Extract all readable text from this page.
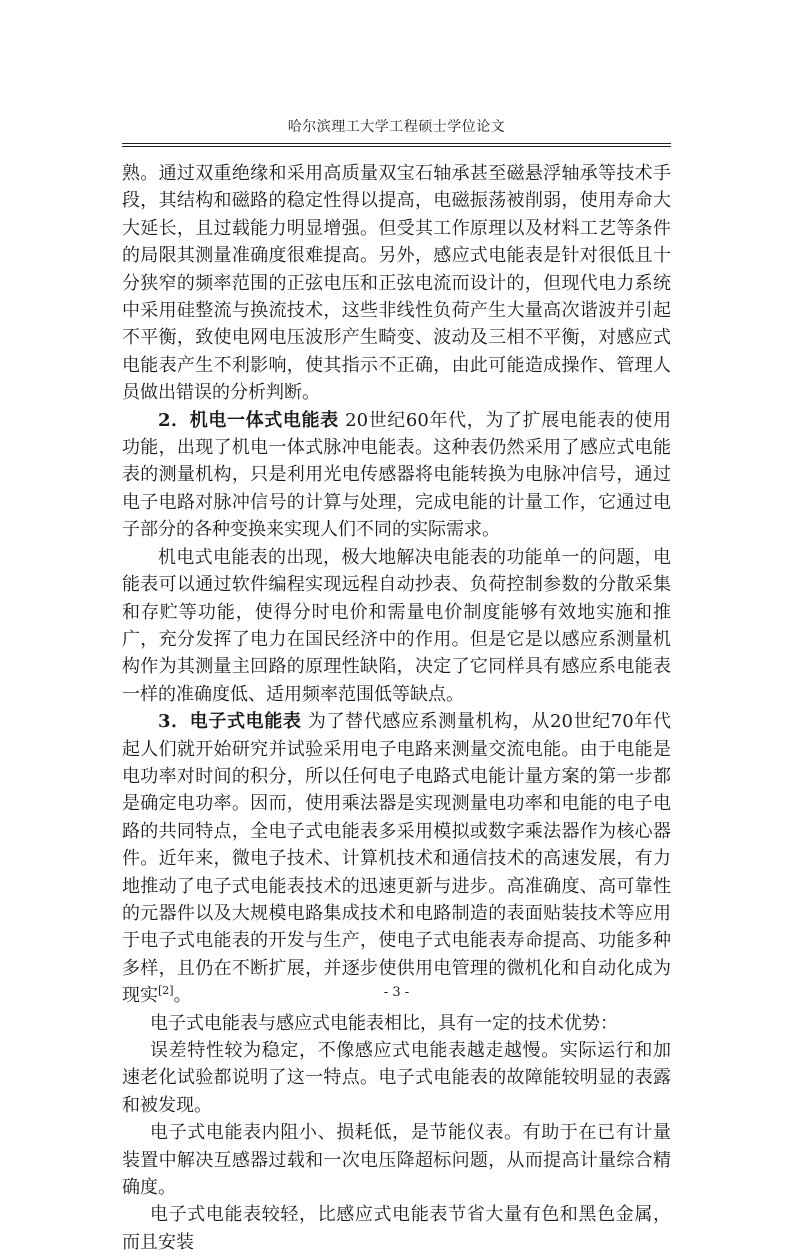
哈尔滨理工大学工程硕士学位论文

熟。通过双重绝缘和采用高质量双宝石轴承甚至磁悬浮轴承等技术手段，其结构和磁路的稳定性得以提高，电磁振荡被削弱，使用寿命大大延长，且过载能力明显增强。但受其工作原理以及材料工艺等条件的局限其测量准确度很难提高。另外，感应式电能表是针对很低且十分狭窄的频率范围的正弦电压和正弦电流而设计的，但现代电力系统中采用硅整流与换流技术，这些非线性负荷产生大量高次谐波并引起不平衡，致使电网电压波形产生畸变、波动及三相不平衡，对感应式电能表产生不利影响，使其指示不正确，由此可能造成操作、管理人员做出错误的分析判断。

2．机电一体式电能表 20世纪60年代，为了扩展电能表的使用功能，出现了机电一体式脉冲电能表。这种表仍然采用了感应式电能表的测量机构，只是利用光电传感器将电能转换为电脉冲信号，通过电子电路对脉冲信号的计算与处理，完成电能的计量工作，它通过电子部分的各种变换来实现人们不同的实际需求。

机电式电能表的出现，极大地解决电能表的功能单一的问题，电能表可以通过软件编程实现远程自动抄表、负荷控制参数的分散采集和存贮等功能，使得分时电价和需量电价制度能够有效地实施和推广，充分发挥了电力在国民经济中的作用。但是它是以感应系测量机构作为其测量主回路的原理性缺陷，决定了它同样具有感应系电能表一样的准确度低、适用频率范围低等缺点。

3．电子式电能表 为了替代感应系测量机构，从20世纪70年代起人们就开始研究并试验采用电子电路来测量交流电能。由于电能是电功率对时间的积分，所以任何电子电路式电能计量方案的第一步都是确定电功率。因而，使用乘法器是实现测量电功率和电能的电子电路的共同特点，全电子式电能表多采用模拟或数字乘法器作为核心器件。近年来，微电子技术、计算机技术和通信技术的高速发展，有力地推动了电子式电能表技术的迅速更新与进步。高准确度、高可靠性的元器件以及大规模电路集成技术和电路制造的表面贴装技术等应用于电子式电能表的开发与生产，使电子式电能表寿命提高、功能多种多样，且仍在不断扩展，并逐步使供用电管理的微机化和自动化成为现实[2]。

电子式电能表与感应式电能表相比，具有一定的技术优势：

误差特性较为稳定，不像感应式电能表越走越慢。实际运行和加速老化试验都说明了这一特点。电子式电能表的故障能较明显的表露和被发现。

电子式电能表内阻小、损耗低，是节能仪表。有助于在已有计量装置中解决互感器过载和一次电压降超标问题，从而提高计量综合精确度。

电子式电能表较轻，比感应式电能表节省大量有色和黑色金属，而且安装

- 3 -
